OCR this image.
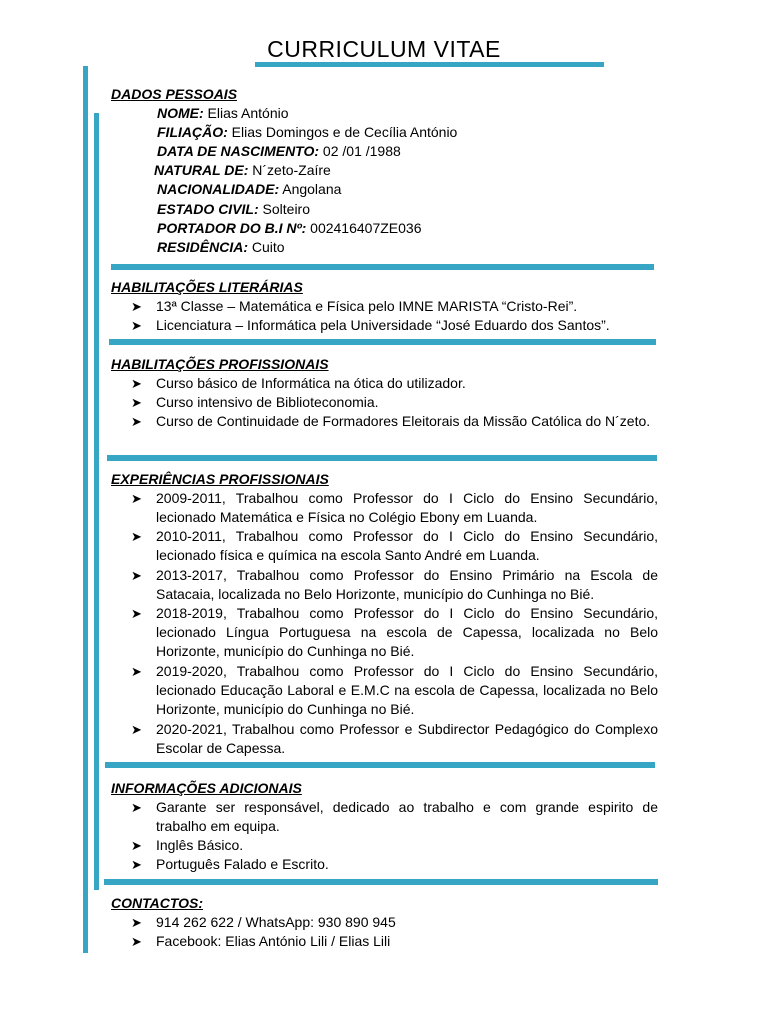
CURRICULUM VITAE
DADOS PESSOAIS
NOME: Elias António
FILIAÇÃO: Elias Domingos e de Cecília António
DATA DE NASCIMENTO: 02 /01 /1988
NATURAL DE: N´zeto-Zaíre
NACIONALIDADE: Angolana
ESTADO CIVIL: Solteiro
PORTADOR DO B.I Nº: 002416407ZE036
RESIDÊNCIA: Cuito
HABILITAÇÕES LITERÁRIAS
➤	13ª Classe – Matemática e Física pelo IMNE MARISTA “Cristo-Rei”.
➤	Licenciatura – Informática pela Universidade “José Eduardo dos Santos”.
HABILITAÇÕES PROFISSIONAIS
➤	Curso básico de Informática na ótica do utilizador.
➤	Curso intensivo de Biblioteconomia.
➤	Curso de Continuidade de Formadores Eleitorais da Missão Católica do N´zeto.
EXPERIÊNCIAS PROFISSIONAIS
➤	2009-2011, Trabalhou como Professor do I Ciclo do Ensino Secundário, lecionado Matemática e Física no Colégio Ebony em Luanda.
➤	2010-2011, Trabalhou como Professor do I Ciclo do Ensino Secundário, lecionado física e química na escola Santo André em Luanda.
➤	2013-2017, Trabalhou como Professor do Ensino Primário na Escola de Satacaia, localizada no Belo Horizonte, município do Cunhinga no Bié.
➤	2018-2019, Trabalhou como Professor do I Ciclo do Ensino Secundário, lecionado Língua Portuguesa na escola de Capessa, localizada no Belo Horizonte, município do Cunhinga no Bié.
➤	2019-2020, Trabalhou como Professor do I Ciclo do Ensino Secundário, lecionado Educação Laboral e E.M.C na escola de Capessa, localizada no Belo Horizonte, município do Cunhinga no Bié.
➤	2020-2021, Trabalhou como Professor e Subdirector Pedagógico do Complexo Escolar de Capessa.
INFORMAÇÕES ADICIONAIS
➤	Garante ser responsável, dedicado ao trabalho e com grande espirito de trabalho em equipa.
➤	Inglês Básico.
➤	Português Falado e Escrito.
CONTACTOS:
➤	914 262 622 / WhatsApp: 930 890 945
➤	Facebook: Elias António Lili / Elias Lili
